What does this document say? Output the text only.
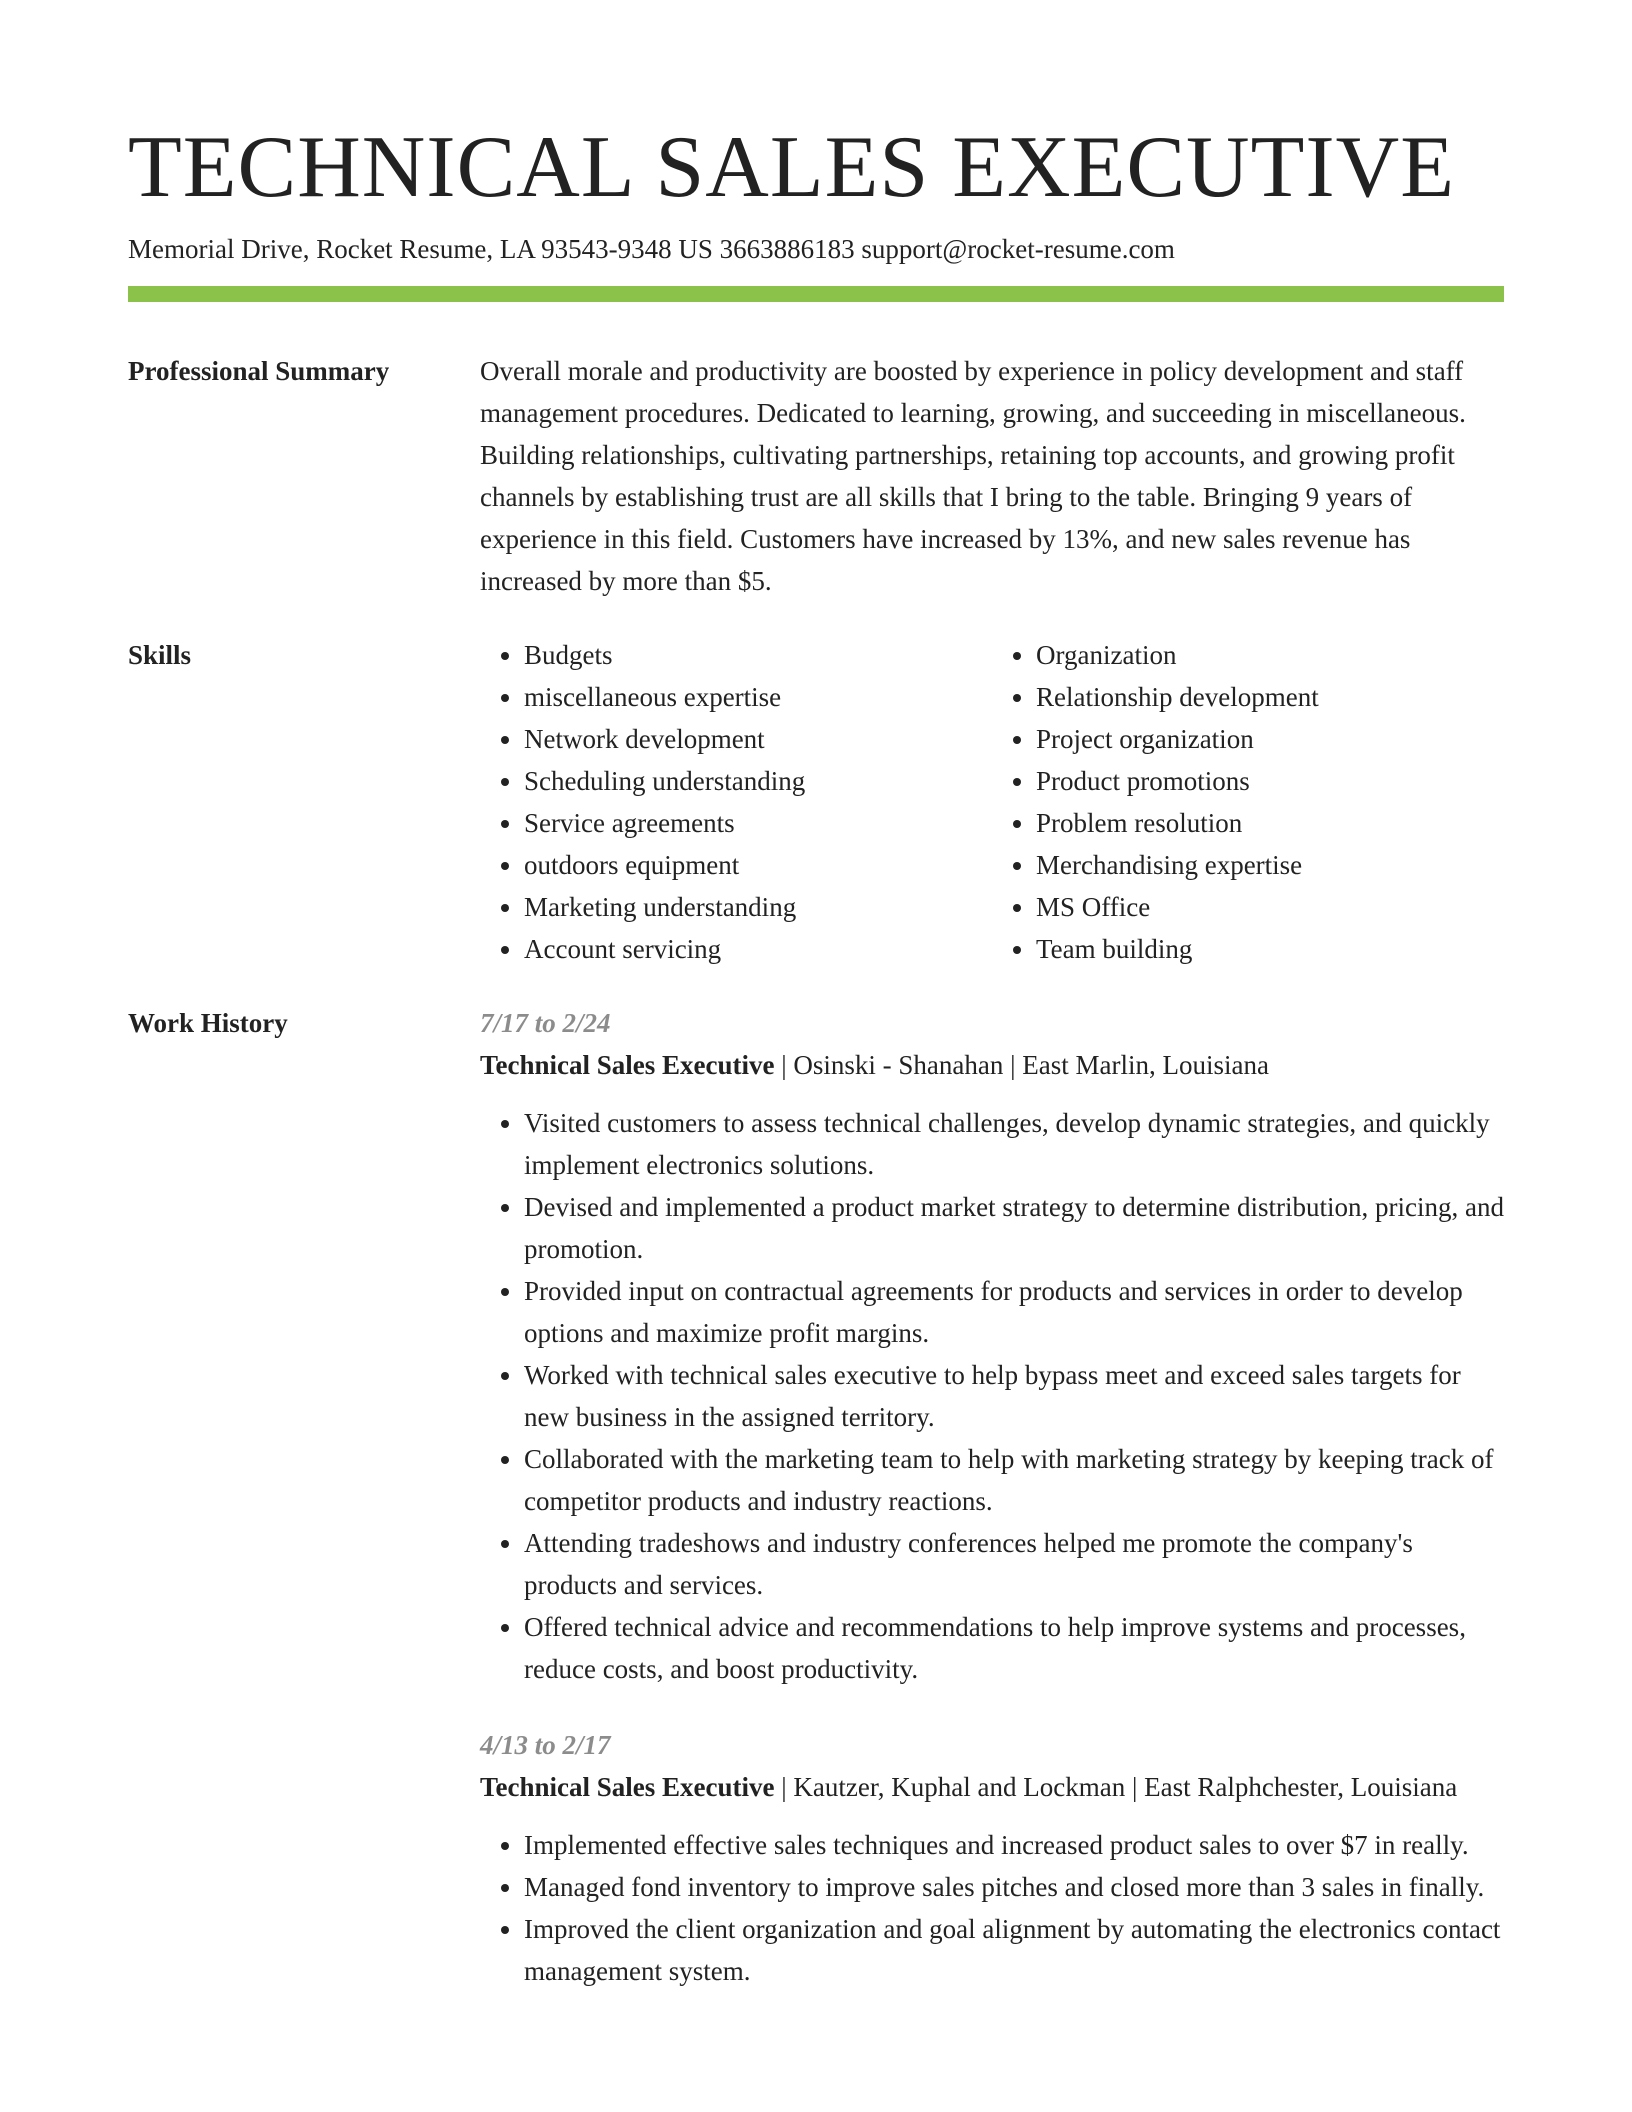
TECHNICAL SALES EXECUTIVE
Memorial Drive, Rocket Resume, LA 93543-9348 US 3663886183 support@rocket-resume.com
Professional Summary	Overall morale and productivity are boosted by experience in policy development and staff management procedures. Dedicated to learning, growing, and succeeding in miscellaneous. Building relationships, cultivating partnerships, retaining top accounts, and growing profit channels by establishing trust are all skills that I bring to the table. Bringing 9 years of experience in this field. Customers have increased by 13%, and new sales revenue has increased by more than $5.
Skills
•	Budgets
• miscellaneous expertise
• Network development
• Scheduling understanding
• Service agreements
• outdoors equipment
• Marketing understanding
• Account servicing
• Organization
• Relationship development
• Project organization
• Product promotions
• Problem resolution
• Merchandising expertise
• MS Office
• Team building
Work History	7/17 to 2/24
Technical Sales Executive | Osinski - Shanahan | East Marlin, Louisiana
• Visited customers to assess technical challenges, develop dynamic strategies, and quickly implement electronics solutions.
• Devised and implemented a product market strategy to determine distribution, pricing, and promotion.
• Provided input on contractual agreements for products and services in order to develop options and maximize profit margins.
• Worked with technical sales executive to help bypass meet and exceed sales targets for new business in the assigned territory.
• Collaborated with the marketing team to help with marketing strategy by keeping track of competitor products and industry reactions.
• Attending tradeshows and industry conferences helped me promote the company's products and services.
• Offered technical advice and recommendations to help improve systems and processes, reduce costs, and boost productivity.
4/13 to 2/17
Technical Sales Executive | Kautzer, Kuphal and Lockman | East Ralphchester, Louisiana
• Implemented effective sales techniques and increased product sales to over $7 in really.
• Managed fond inventory to improve sales pitches and closed more than 3 sales in finally.
• Improved the client organization and goal alignment by automating the electronics contact management system.
